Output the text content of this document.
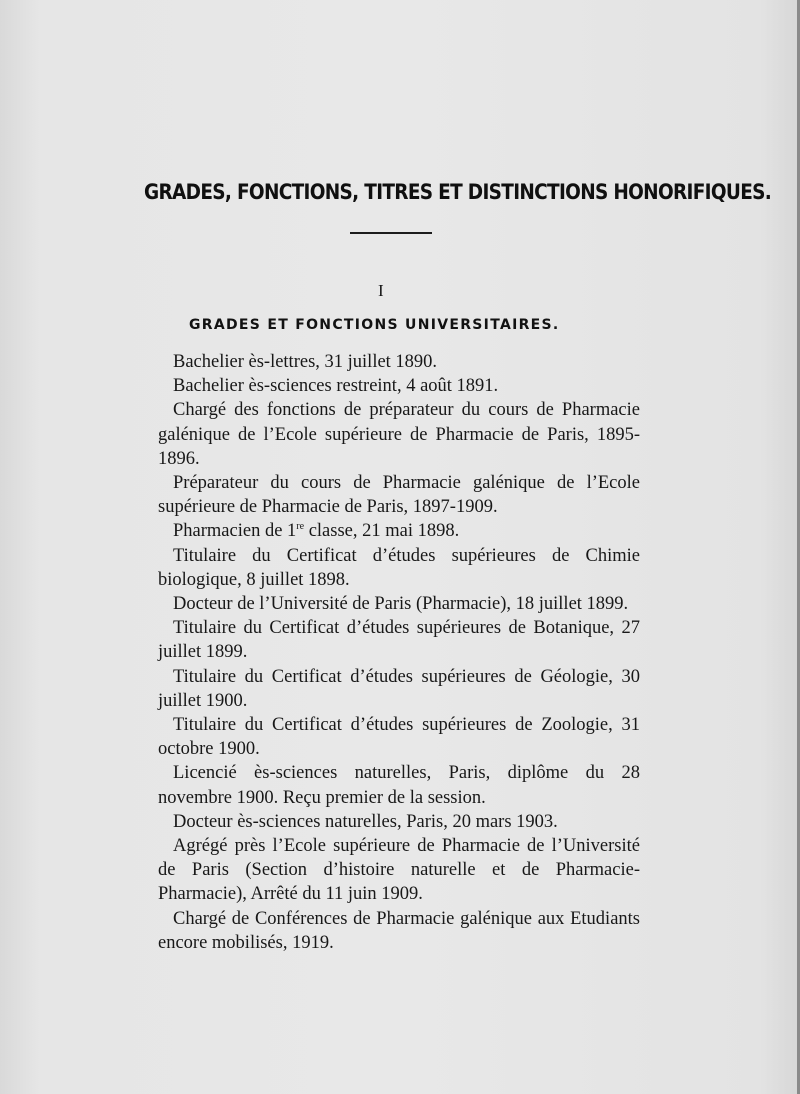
GRADES, FONCTIONS, TITRES ET DISTINCTIONS HONORIFIQUES.
I
GRADES ET FONCTIONS UNIVERSITAIRES.

Bachelier ès-lettres, 31 juillet 1890.

Bachelier ès-sciences restreint, 4 août 1891.

Chargé des fonctions de préparateur du cours de Pharmacie galénique de l’Ecole supérieure de Pharmacie de Paris, 1895-1896.

Préparateur du cours de Pharmacie galénique de l’Ecole supérieure de Pharmacie de Paris, 1897-1909.

Pharmacien de 1re classe, 21 mai 1898.

Titulaire du Certificat d’études supérieures de Chimie biologique, 8 juillet 1898.

Docteur de l’Université de Paris (Pharmacie), 18 juillet 1899.

Titulaire du Certificat d’études supérieures de Botanique, 27 juillet 1899.

Titulaire du Certificat d’études supérieures de Géologie, 30 juillet 1900.

Titulaire du Certificat d’études supérieures de Zoologie, 31 octobre 1900.

Licencié ès-sciences naturelles, Paris, diplôme du 28 novembre 1900. Reçu premier de la session.

Docteur ès-sciences naturelles, Paris, 20 mars 1903.

Agrégé près l’Ecole supérieure de Pharmacie de l’Université de Paris (Section d’histoire naturelle et de Pharmacie-Pharmacie), Arrêté du 11 juin 1909.

Chargé de Conférences de Pharmacie galénique aux Etudiants encore mobilisés, 1919.
